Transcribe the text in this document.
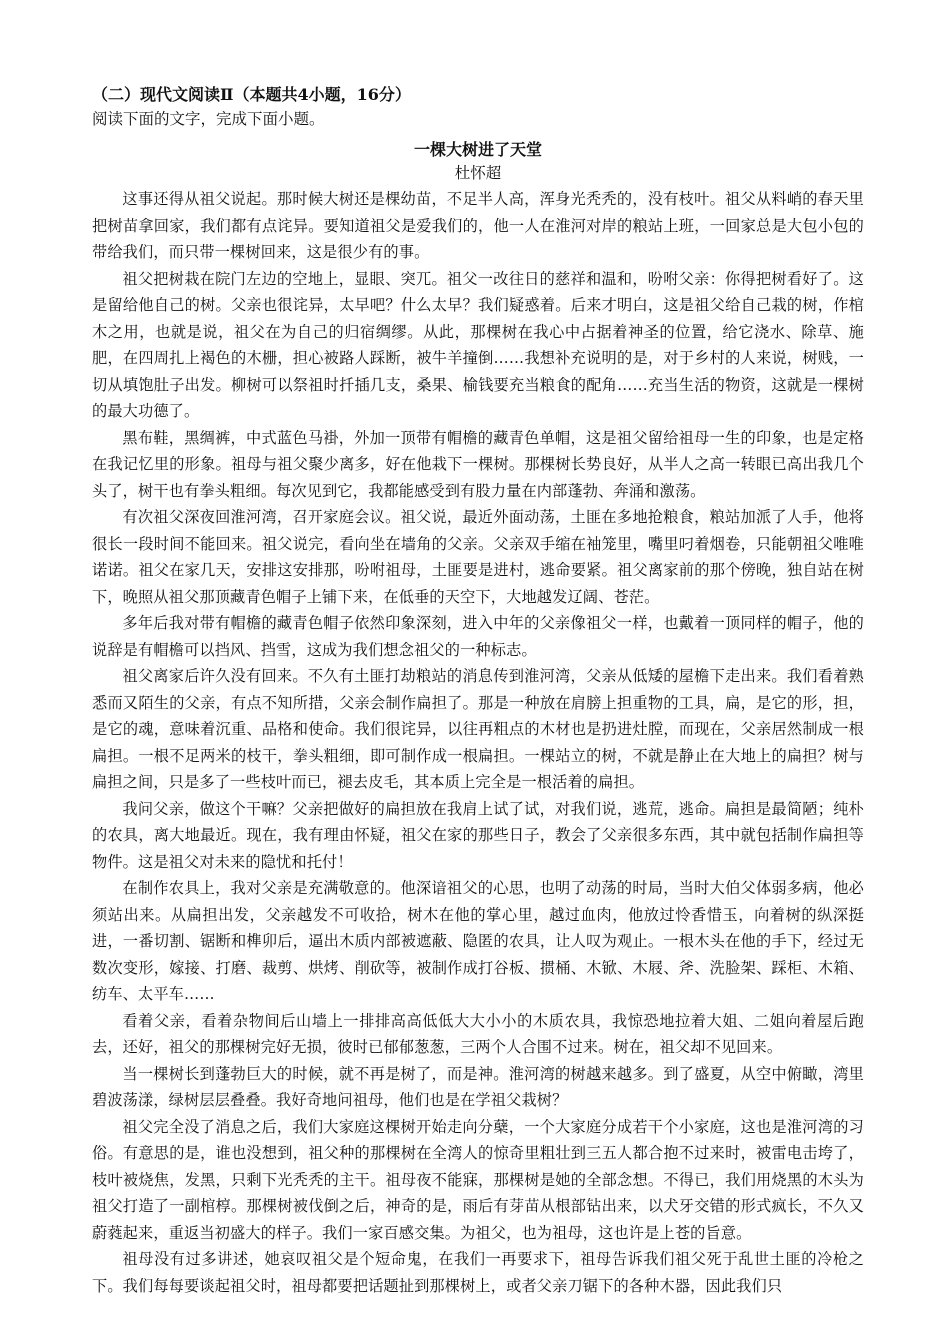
（二）现代文阅读Ⅱ（本题共4小题，16分）

阅读下面的文字，完成下面小题。

一棵大树进了天堂

杜怀超

这事还得从祖父说起。那时候大树还是棵幼苗，不足半人高，浑身光秃秃的，没有枝叶。祖父从料峭的春天里把树苗拿回家，我们都有点诧异。要知道祖父是爱我们的，他一人在淮河对岸的粮站上班，一回家总是大包小包的带给我们，而只带一棵树回来，这是很少有的事。

祖父把树栽在院门左边的空地上，显眼、突兀。祖父一改往日的慈祥和温和，吩咐父亲：你得把树看好了。这是留给他自己的树。父亲也很诧异，太早吧？什么太早？我们疑惑着。后来才明白，这是祖父给自己栽的树，作棺木之用，也就是说，祖父在为自己的归宿绸缪。从此，那棵树在我心中占据着神圣的位置，给它浇水、除草、施肥，在四周扎上褐色的木栅，担心被路人踩断，被牛羊撞倒……我想补充说明的是，对于乡村的人来说，树贱，一切从填饱肚子出发。柳树可以祭祖时扦插几支，桑果、榆钱要充当粮食的配角……充当生活的物资，这就是一棵树的最大功德了。

黑布鞋，黑绸裤，中式蓝色马褂，外加一顶带有帽檐的藏青色单帽，这是祖父留给祖母一生的印象，也是定格在我记忆里的形象。祖母与祖父聚少离多，好在他栽下一棵树。那棵树长势良好，从半人之高一转眼已高出我几个头了，树干也有拳头粗细。每次见到它，我都能感受到有股力量在内部蓬勃、奔涌和激荡。

有次祖父深夜回淮河湾，召开家庭会议。祖父说，最近外面动荡，土匪在多地抢粮食，粮站加派了人手，他将很长一段时间不能回来。祖父说完，看向坐在墙角的父亲。父亲双手缩在袖笼里，嘴里叼着烟卷，只能朝祖父唯唯诺诺。祖父在家几天，安排这安排那，吩咐祖母，土匪要是进村，逃命要紧。祖父离家前的那个傍晚，独自站在树下，晚照从祖父那顶藏青色帽子上铺下来，在低垂的天空下，大地越发辽阔、苍茫。

多年后我对带有帽檐的藏青色帽子依然印象深刻，进入中年的父亲像祖父一样，也戴着一顶同样的帽子，他的说辞是有帽檐可以挡风、挡雪，这成为我们想念祖父的一种标志。

祖父离家后许久没有回来。不久有土匪打劫粮站的消息传到淮河湾，父亲从低矮的屋檐下走出来。我们看着熟悉而又陌生的父亲，有点不知所措，父亲会制作扁担了。那是一种放在肩膀上担重物的工具，扁，是它的形，担，是它的魂，意味着沉重、品格和使命。我们很诧异，以往再粗点的木材也是扔进灶膛，而现在，父亲居然制成一根扁担。一根不足两米的枝干，拳头粗细，即可制作成一根扁担。一棵站立的树，不就是静止在大地上的扁担？树与扁担之间，只是多了一些枝叶而已，褪去皮毛，其本质上完全是一根活着的扁担。

我问父亲，做这个干嘛？父亲把做好的扁担放在我肩上试了试，对我们说，逃荒，逃命。扁担是最简陋；纯朴的农具，离大地最近。现在，我有理由怀疑，祖父在家的那些日子，教会了父亲很多东西，其中就包括制作扁担等物件。这是祖父对未来的隐忧和托付！

在制作农具上，我对父亲是充满敬意的。他深谙祖父的心思，也明了动荡的时局，当时大伯父体弱多病，他必须站出来。从扁担出发，父亲越发不可收拾，树木在他的掌心里，越过血肉，他放过怜香惜玉，向着树的纵深挺进，一番切割、锯断和榫卯后，逼出木质内部被遮蔽、隐匿的农具，让人叹为观止。一根木头在他的手下，经过无数次变形，嫁接、打磨、裁剪、烘烤、削砍等，被制作成打谷板、掼桶、木锨、木屐、斧、洗脸架、踩柜、木箱、纺车、太平车……

看着父亲，看着杂物间后山墙上一排排高高低低大大小小的木质农具，我惊恐地拉着大姐、二姐向着屋后跑去，还好，祖父的那棵树完好无损，彼时已郁郁葱葱，三两个人合围不过来。树在，祖父却不见回来。

当一棵树长到蓬勃巨大的时候，就不再是树了，而是神。淮河湾的树越来越多。到了盛夏，从空中俯瞰，湾里碧波荡漾，绿树层层叠叠。我好奇地问祖母，他们也是在学祖父栽树？

祖父完全没了消息之后，我们大家庭这棵树开始走向分蘖，一个大家庭分成若干个小家庭，这也是淮河湾的习俗。有意思的是，谁也没想到，祖父种的那棵树在全湾人的惊奇里粗壮到三五人都合抱不过来时，被雷电击垮了，枝叶被烧焦，发黑，只剩下光秃秃的主干。祖母夜不能寐，那棵树是她的全部念想。不得已，我们用烧黑的木头为祖父打造了一副棺椁。那棵树被伐倒之后，神奇的是，雨后有芽苗从根部钻出来，以犬牙交错的形式疯长，不久又蔚蕤起来，重返当初盛大的样子。我们一家百感交集。为祖父，也为祖母，这也许是上苍的旨意。

祖母没有过多讲述，她哀叹祖父是个短命鬼，在我们一再要求下，祖母告诉我们祖父死于乱世土匪的冷枪之下。我们每每要谈起祖父时，祖母都要把话题扯到那棵树上，或者父亲刀锯下的各种木器，因此我们只
